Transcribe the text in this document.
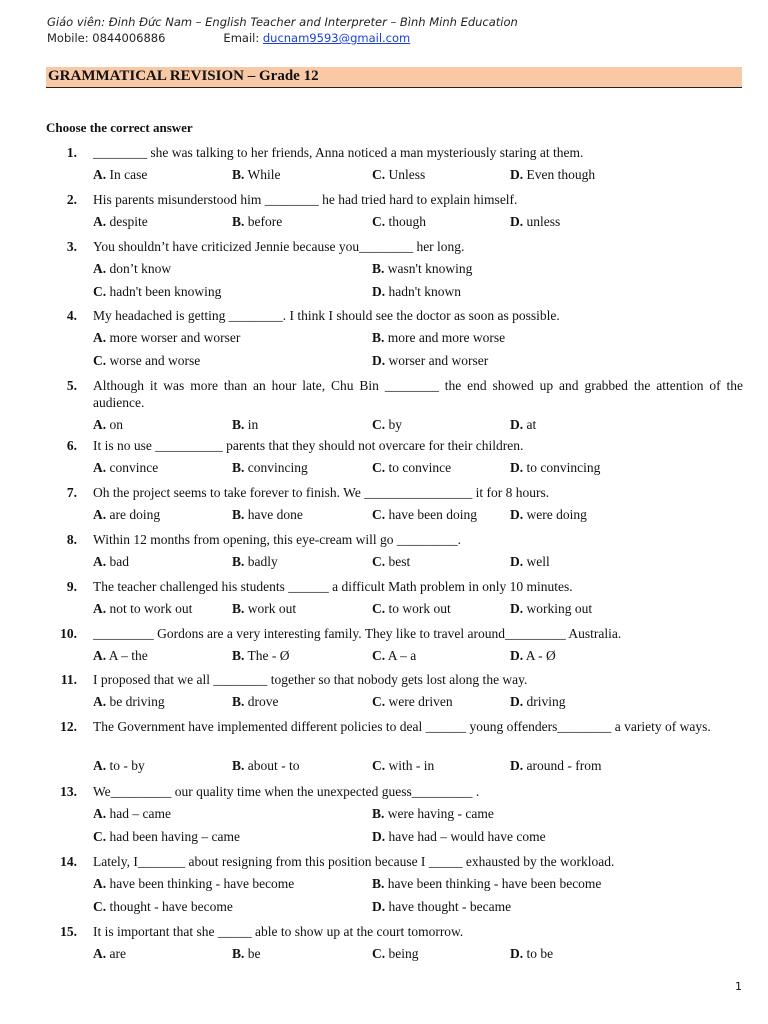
Giáo viên: Đinh Đức Nam – English Teacher and Interpreter – Bình Minh Education
Mobile: 0844006886	Email: ducnam9593@gmail.com
GRAMMATICAL REVISION – Grade 12
Choose the correct answer
1. ________ she was talking to her friends, Anna noticed a man mysteriously staring at them.
A. In case	B. While	C. Unless	D. Even though
2. His parents misunderstood him ________ he had tried hard to explain himself.
A. despite	B. before	C. though	D. unless
3. You shouldn’t have criticized Jennie because you________ her long.
A. don’t know	B. wasn't knowing
C. hadn't been knowing	D. hadn't known
4. My headached is getting ________. I think I should see the doctor as soon as possible.
A. more worser and worser	B. more and more worse
C. worse and worse	D. worser and worser
5. Although it was more than an hour late, Chu Bin ________ the end showed up and grabbed the attention of the audience.
A. on	B. in	C. by	D. at
6. It is no use __________ parents that they should not overcare for their children.
A. convince	B. convincing	C. to convince	D. to convincing
7. Oh the project seems to take forever to finish. We ________________ it for 8 hours.
A. are doing	B. have done	C. have been doing D. were doing
8. Within 12 months from opening, this eye-cream will go _________.
A. bad	B. badly	C. best	D. well
9. The teacher challenged his students ______ a difficult Math problem in only 10 minutes.
A. not to work out	B. work out	C. to work out	D. working out
10. _________ Gordons are a very interesting family. They like to travel around_________ Australia.
A. A – the	B. The - Ø	C. A – a	D. A - Ø
11. I proposed that we all ________ together so that nobody gets lost along the way.
A. be driving	B. drove	C. were driven	D. driving
12. The Government have implemented different policies to deal ______ young offenders________ a variety of ways.
A. to - by	B. about - to	C. with - in	D. around - from
13. We_________ our quality time when the unexpected guess_________ .
A. had – came	B. were having - came
C. had been having – came	D. have had – would have come
14. Lately, I_______ about resigning from this position because I _____ exhausted by the workload.
A. have been thinking - have become	B. have been thinking - have been become
C. thought - have become	D. have thought - became
15. It is important that she _____ able to show up at the court tomorrow.
A. are	B. be	C. being	D. to be
1
